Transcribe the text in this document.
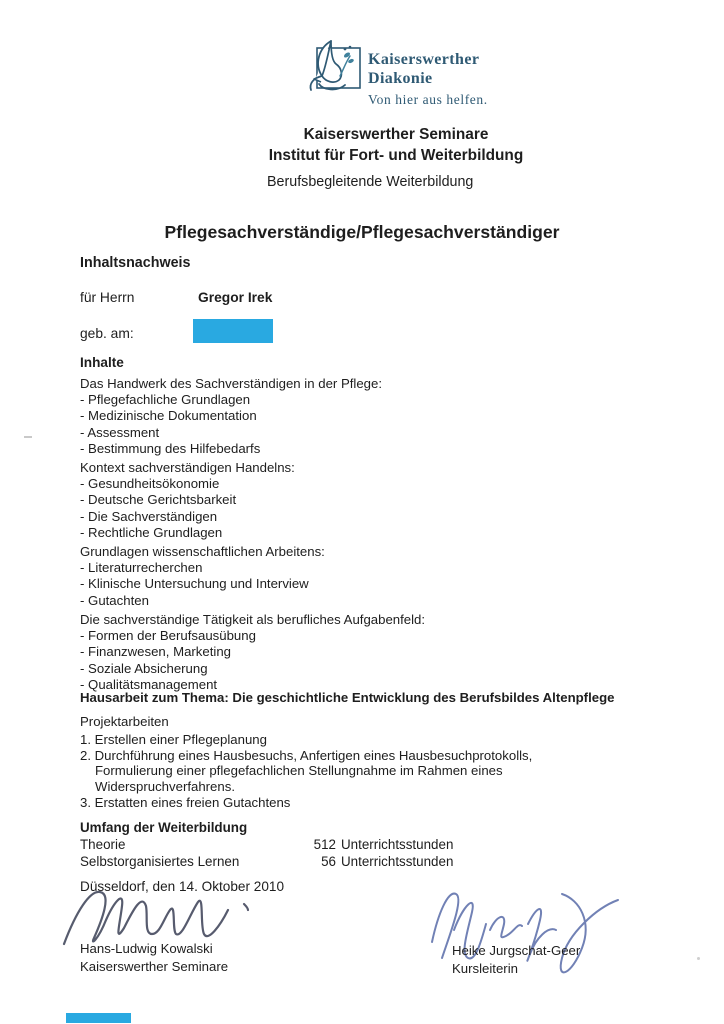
Kaiserswerther
Diakonie
Von hier aus helfen.
Kaiserswerther Seminare
Institut für Fort- und Weiterbildung
Berufsbegleitende Weiterbildung
Pflegesachverständige/Pflegesachverständiger
Inhaltsnachweis
für Herrn	Gregor Irek
geb. am:
Inhalte
Das Handwerk des Sachverständigen in der Pflege:
- Pflegefachliche Grundlagen
- Medizinische Dokumentation
- Assessment
- Bestimmung des Hilfebedarfs
Kontext sachverständigen Handelns:
- Gesundheitsökonomie
- Deutsche Gerichtsbarkeit
- Die Sachverständigen
- Rechtliche Grundlagen
Grundlagen wissenschaftlichen Arbeitens:
- Literaturrecherchen
- Klinische Untersuchung und Interview
- Gutachten
Die sachverständige Tätigkeit als berufliches Aufgabenfeld:
- Formen der Berufsausübung
- Finanzwesen, Marketing
- Soziale Absicherung
- Qualitätsmanagement
Hausarbeit zum Thema: Die geschichtliche Entwicklung des Berufsbildes Altenpflege
Projektarbeiten
1. Erstellen einer Pflegeplanung
2. Durchführung eines Hausbesuchs, Anfertigen eines Hausbesuchprotokolls,
Formulierung einer pflegefachlichen Stellungnahme im Rahmen eines
Widerspruchverfahrens.
3. Erstatten eines freien Gutachtens
Umfang der Weiterbildung
Theorie	512 Unterrichtsstunden
Selbstorganisiertes Lernen	56 Unterrichtsstunden
Düsseldorf, den 14. Oktober 2010
Hans-Ludwig Kowalski
Kaiserswerther Seminare
Heike Jurgschat-Geer
Kursleiterin
